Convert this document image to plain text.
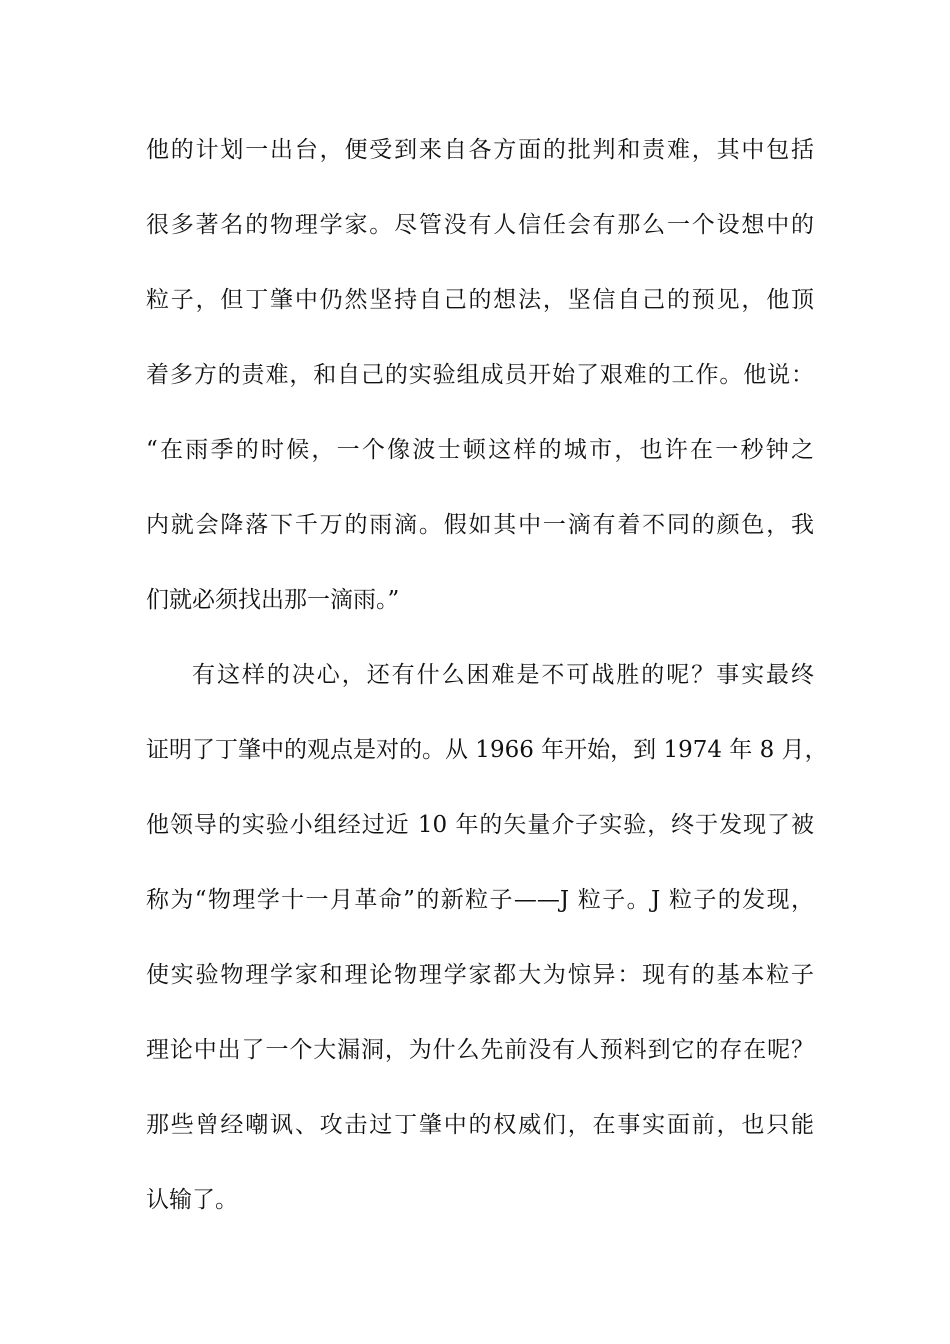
他的计划一出台，便受到来自各方面的批判和责难，其中包括
很多著名的物理学家。尽管没有人信任会有那么一个设想中的
粒子，但丁肇中仍然坚持自己的想法，坚信自己的预见，他顶
着多方的责难，和自己的实验组成员开始了艰难的工作。他说：
“在雨季的时候，一个像波士顿这样的城市，也许在一秒钟之
内就会降落下千万的雨滴。假如其中一滴有着不同的颜色，我
们就必须找出那一滴雨。”
有这样的决心，还有什么困难是不可战胜的呢？事实最终
证明了丁肇中的观点是对的。从 1966 年开始，到 1974 年 8 月，
他领导的实验小组经过近 10 年的矢量介子实验，终于发现了被
称为“物理学十一月革命”的新粒子——J 粒子。J 粒子的发现，
使实验物理学家和理论物理学家都大为惊异：现有的基本粒子
理论中出了一个大漏洞，为什么先前没有人预料到它的存在呢？
那些曾经嘲讽、攻击过丁肇中的权威们，在事实面前，也只能
认输了。
